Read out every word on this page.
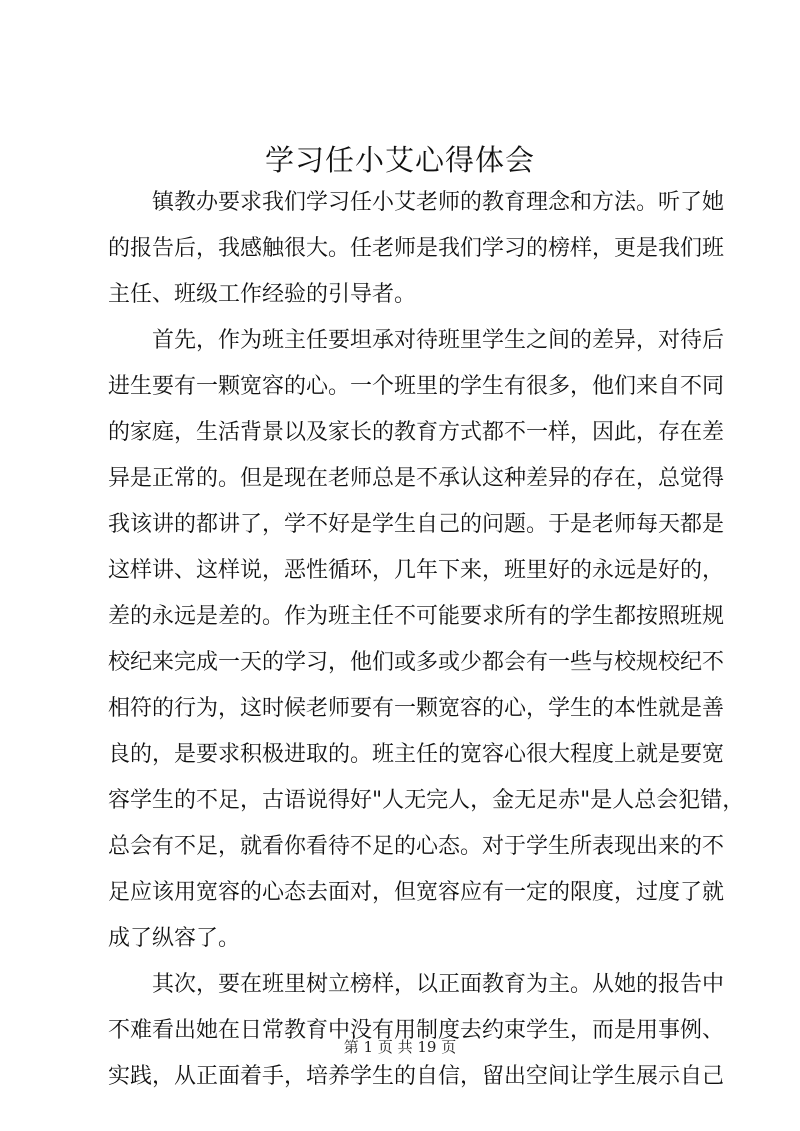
学习任小艾心得体会
镇教办要求我们学习任小艾老师的教育理念和方法。听了她
的报告后，我感触很大。任老师是我们学习的榜样，更是我们班
主任、班级工作经验的引导者。
首先，作为班主任要坦承对待班里学生之间的差异，对待后
进生要有一颗宽容的心。一个班里的学生有很多，他们来自不同
的家庭，生活背景以及家长的教育方式都不一样，因此，存在差
异是正常的。但是现在老师总是不承认这种差异的存在，总觉得
我该讲的都讲了，学不好是学生自己的问题。于是老师每天都是
这样讲、这样说，恶性循环，几年下来，班里好的永远是好的，
差的永远是差的。作为班主任不可能要求所有的学生都按照班规
校纪来完成一天的学习，他们或多或少都会有一些与校规校纪不
相符的行为，这时候老师要有一颗宽容的心，学生的本性就是善
良的，是要求积极进取的。班主任的宽容心很大程度上就是要宽
容学生的不足，古语说得好"人无完人，金无足赤"是人总会犯错，
总会有不足，就看你看待不足的心态。对于学生所表现出来的不
足应该用宽容的心态去面对，但宽容应有一定的限度，过度了就
成了纵容了。
其次，要在班里树立榜样，以正面教育为主。从她的报告中
不难看出她在日常教育中没有用制度去约束学生，而是用事例、
实践，从正面着手，培养学生的自信，留出空间让学生展示自己
第 1 页 共 19 页
